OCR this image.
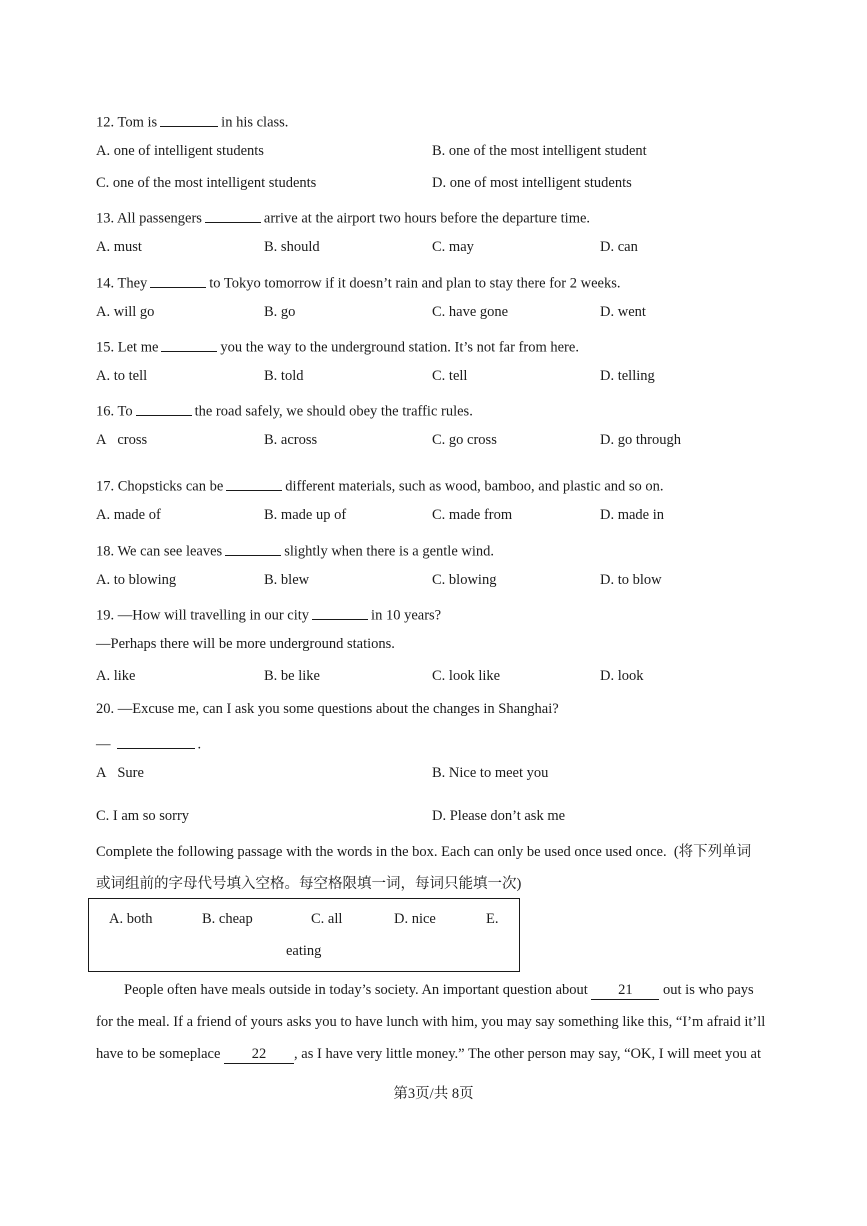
12. Tom is	in his class.
A. one of intelligent students	B. one of the most intelligent student
C. one of the most intelligent students	D. one of most intelligent students
13. All passengers	arrive at the airport two hours before the departure time.
A. must	B. should	C. may	D. can
14. They	to Tokyo tomorrow if it doesn’t rain and plan to stay there for 2 weeks.
A. will go	B. go	C. have gone	D. went
15. Let me	you the way to the underground station. It’s not far from here.
A. to tell	B. told	C. tell	D. telling
16. To	the road safely, we should obey the traffic rules.
A   cross	B. across	C. go cross	D. go through
17. Chopsticks can be	different materials, such as wood, bamboo, and plastic and so on.
A. made of	B. made up of	C. made from	D. made in
18. We can see leaves	slightly when there is a gentle wind.
A. to blowing	B. blew	C. blowing	D. to blow
19. —How will travelling in our city	in 10 years?
—Perhaps there will be more underground stations.
A. like	B. be like	C. look like	D. look
20. —Excuse me, can I ask you some questions about the changes in Shanghai?
—	.
A   Sure	B. Nice to meet you
C. I am so sorry	D. Please don’t ask me
Complete the following passage with the words in the box. Each can only be used once used once. (将下列单词
或词组前的字母代号填入空格。每空格限填一词，每词只能填一次)
A. both	B. cheap	C. all	D. nice	E.
eating
People often have meals outside in today’s society. An important question about 21 out is who pays
for the meal. If a friend of yours asks you to have lunch with him, you may say something like this, “I’m afraid it’ll
have to be someplace 22 , as I have very little money.” The other person may say, “OK, I will meet you at
第3页/共 8页
